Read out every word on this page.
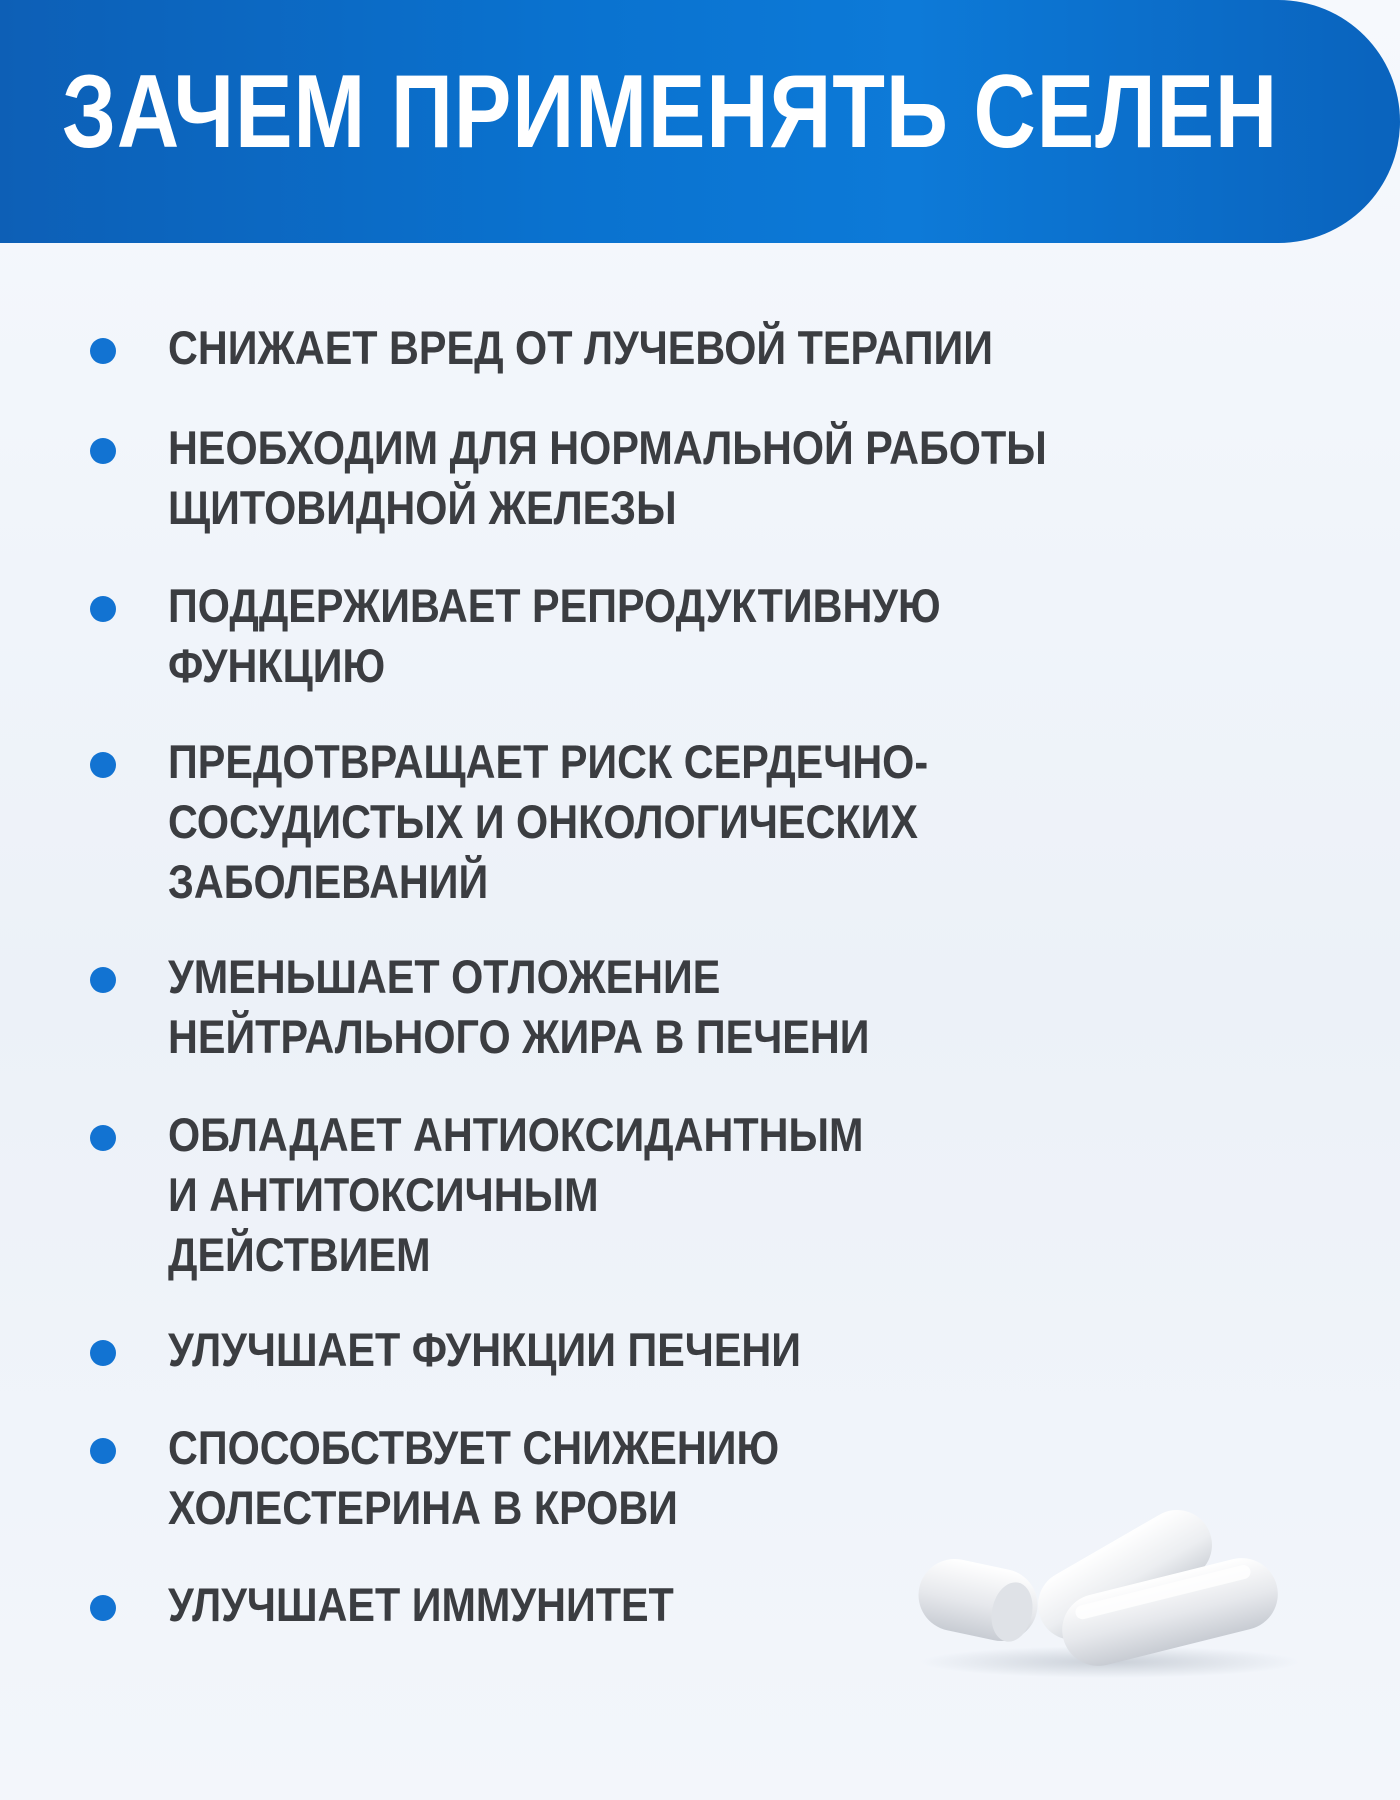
ЗАЧЕМ ПРИМЕНЯТЬ СЕЛЕН
СНИЖАЕТ ВРЕД ОТ ЛУЧЕВОЙ ТЕРАПИИ
НЕОБХОДИМ ДЛЯ НОРМАЛЬНОЙ РАБОТЫ
ЩИТОВИДНОЙ ЖЕЛЕЗЫ
ПОДДЕРЖИВАЕТ РЕПРОДУКТИВНУЮ
ФУНКЦИЮ
ПРЕДОТВРАЩАЕТ РИСК СЕРДЕЧНО-
СОСУДИСТЫХ И ОНКОЛОГИЧЕСКИХ
ЗАБОЛЕВАНИЙ
УМЕНЬШАЕТ ОТЛОЖЕНИЕ
НЕЙТРАЛЬНОГО ЖИРА В ПЕЧЕНИ
ОБЛАДАЕТ АНТИОКСИДАНТНЫМ
И АНТИТОКСИЧНЫМ
ДЕЙСТВИЕМ
УЛУЧШАЕТ ФУНКЦИИ ПЕЧЕНИ
СПОСОБСТВУЕТ СНИЖЕНИЮ
ХОЛЕСТЕРИНА В КРОВИ
УЛУЧШАЕТ ИММУНИТЕТ
